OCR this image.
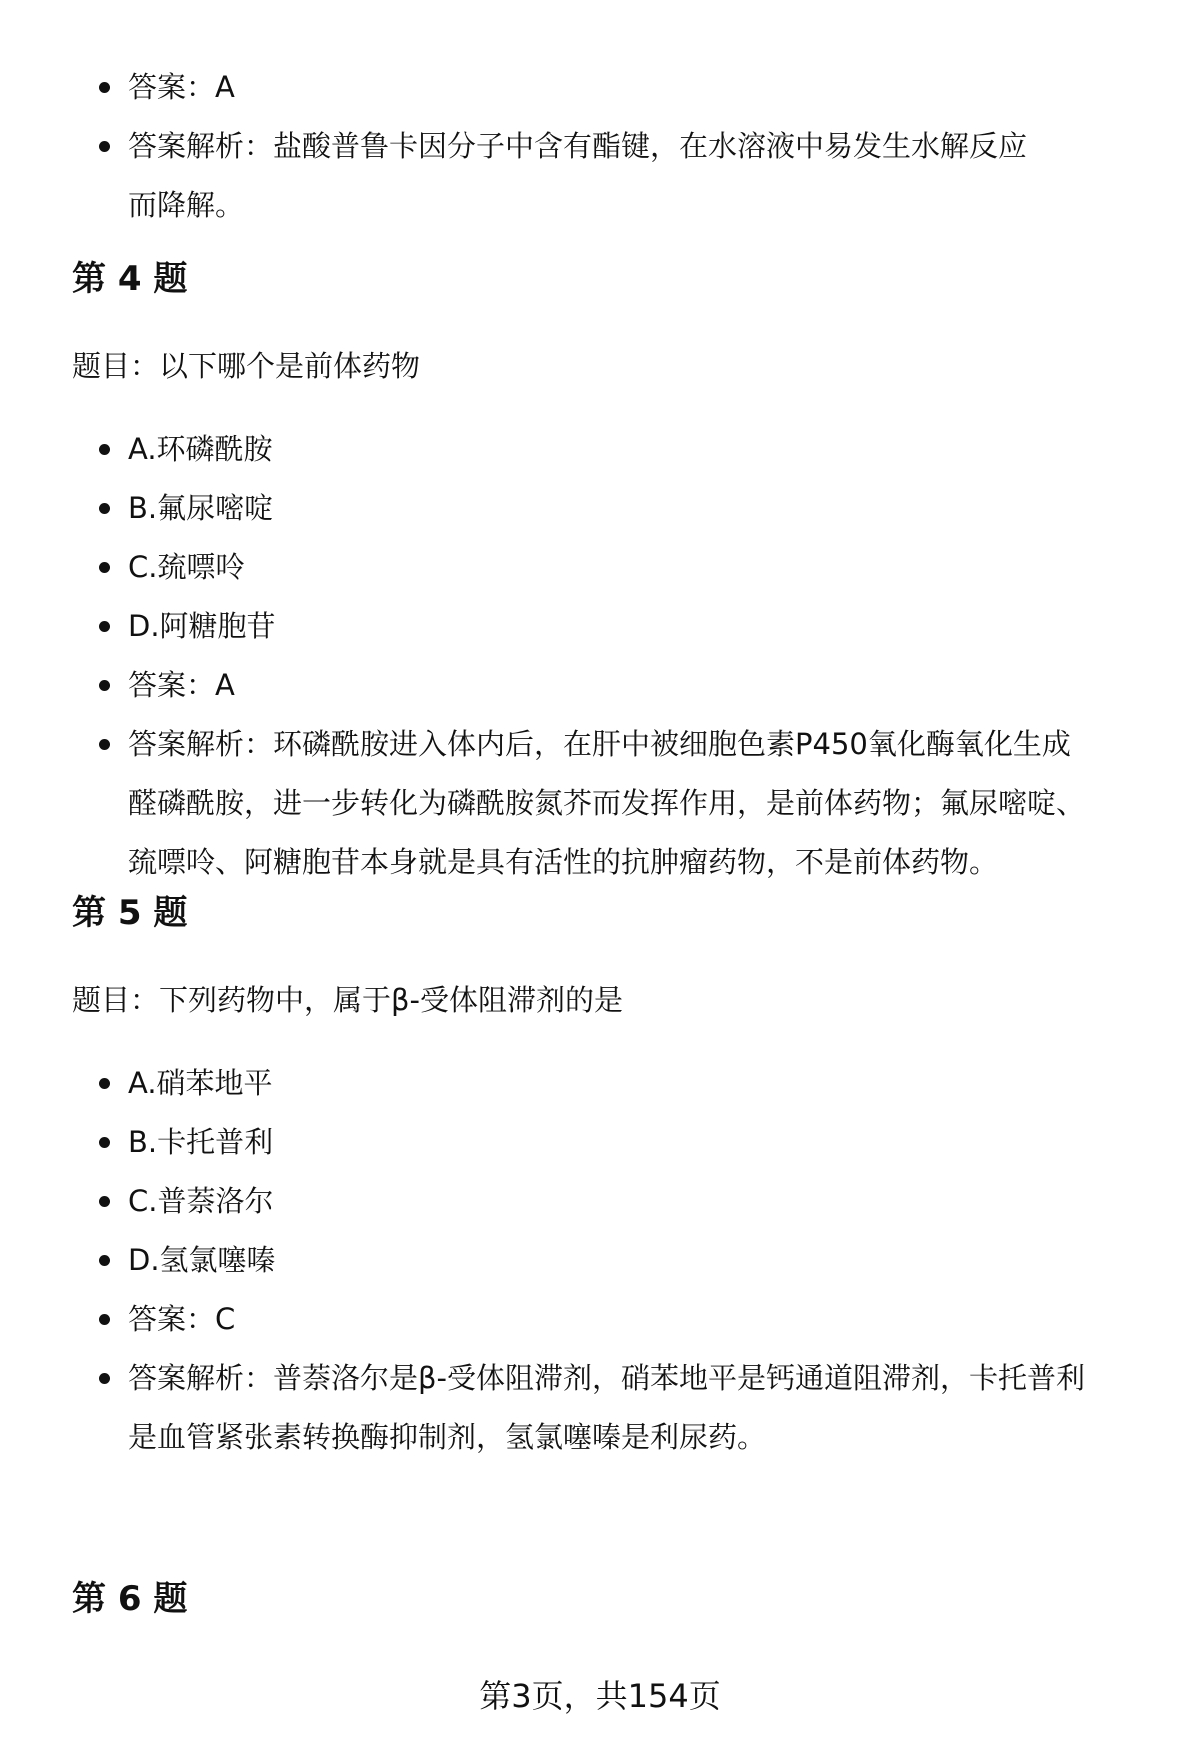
答案：A
答案解析：盐酸普鲁卡因分子中含有酯键，在水溶液中易发生水解反应而降解。
第 4 题
题目：以下哪个是前体药物
A.环磷酰胺
B.氟尿嘧啶
C.巯嘌呤
D.阿糖胞苷
答案：A
答案解析：环磷酰胺进入体内后，在肝中被细胞色素P450氧化酶氧化生成醛磷酰胺，进一步转化为磷酰胺氮芥而发挥作用，是前体药物；氟尿嘧啶、巯嘌呤、阿糖胞苷本身就是具有活性的抗肿瘤药物，不是前体药物。
第 5 题
题目：下列药物中，属于β-受体阻滞剂的是
A.硝苯地平
B.卡托普利
C.普萘洛尔
D.氢氯噻嗪
答案：C
答案解析：普萘洛尔是β-受体阻滞剂，硝苯地平是钙通道阻滞剂，卡托普利是血管紧张素转换酶抑制剂，氢氯噻嗪是利尿药。
第 6 题
第3页，共154页
